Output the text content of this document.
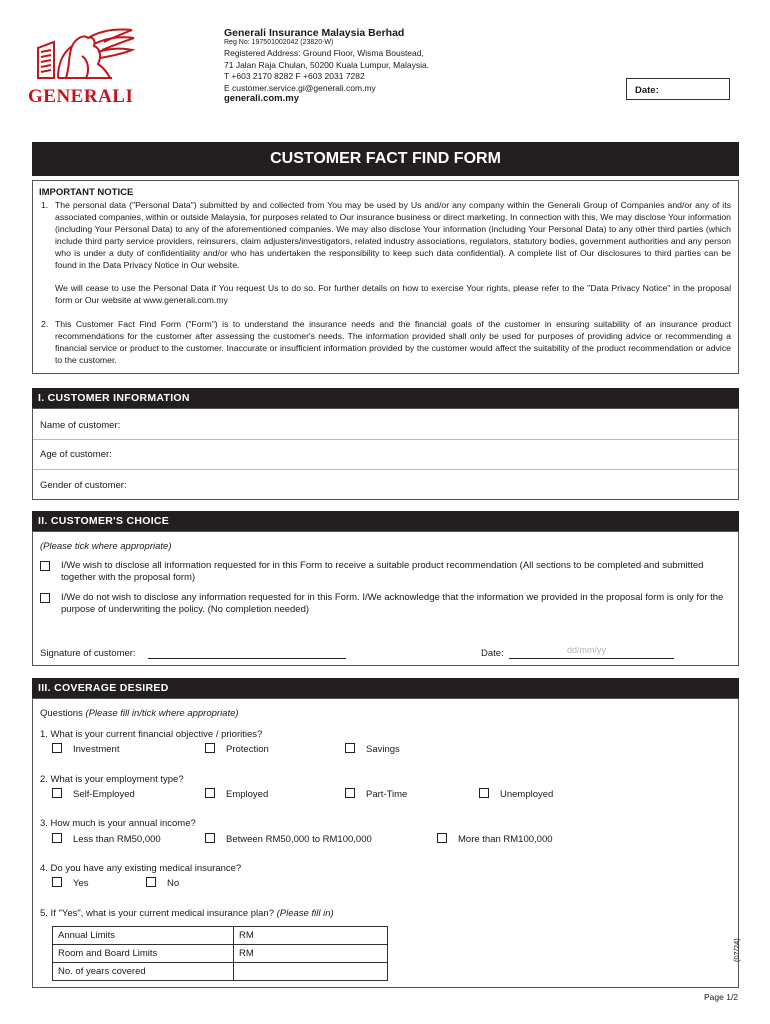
GENERALI
Generali Insurance Malaysia Berhad
Reg No: 197501002042 (23820-W)
Registered Address: Ground Floor, Wisma Boustead,
71 Jalan Raja Chulan, 50200 Kuala Lumpur, Malaysia.
T +603 2170 8282 F +603 2031 7282
E customer.service.gi@generali.com.my
generali.com.my
Date:
CUSTOMER FACT FIND FORM
IMPORTANT NOTICE
1. The personal data ("Personal Data") submitted by and collected from You may be used by Us and/or any company within the Generali Group of Companies and/or any of its associated companies, within or outside Malaysia, for purposes related to Our insurance business or direct marketing. In connection with this, We may disclose Your information (including Your Personal Data) to any of the aforementioned companies. We may also disclose Your information (including Your Personal Data) to any other third parties (which include third party service providers, reinsurers, claim adjusters/investigators, related industry associations, regulators, statutory bodies, government authorities and any person who is under a duty of confidentiality and/or who has undertaken the responsibility to keep such data confidential). A complete list of Our disclosures to third parties can be found in the Data Privacy Notice in Our website.
We will cease to use the Personal Data if You request Us to do so. For further details on how to exercise Your rights, please refer to the "Data Privacy Notice" in the proposal form or Our website at www.generali.com.my
2. This Customer Fact Find Form ("Form") is to understand the insurance needs and the financial goals of the customer in ensuring suitability of an insurance product recommendations for the customer after assessing the customer's needs. The information provided shall only be used for purposes of providing advice or recommending a financial service or product to the customer. Inaccurate or insufficient information provided by the customer would affect the suitability of the product recommendation or advice to the customer.
I. CUSTOMER INFORMATION
Name of customer:
Age of customer:
Gender of customer:
II. CUSTOMER'S CHOICE
(Please tick where appropriate)
I/We wish to disclose all information requested for in this Form to receive a suitable product recommendation (All sections to be completed and submitted together with the proposal form)
I/We do not wish to disclose any information requested for in this Form. I/We acknowledge that the information we provided in the proposal form is only for the purpose of underwriting the policy. (No completion needed)
Signature of customer:	Date:	dd/mm/yy
III. COVERAGE DESIRED
Questions (Please fill in/tick where appropriate)
1. What is your current financial objective / priorities?
Investment	Protection	Savings
2. What is your employment type?
Self-Employed	Employed	Part-Time	Unemployed
3. How much is your annual income?
Less than RM50,000	Between RM50,000 to RM100,000	More than RM100,000
4. Do you have any existing medical insurance?
Yes	No
5. If "Yes", what is your current medical insurance plan? (Please fill in)
Annual Limits	RM
Room and Board Limits	RM
No. of years covered	
(07/24)
Page 1/2
